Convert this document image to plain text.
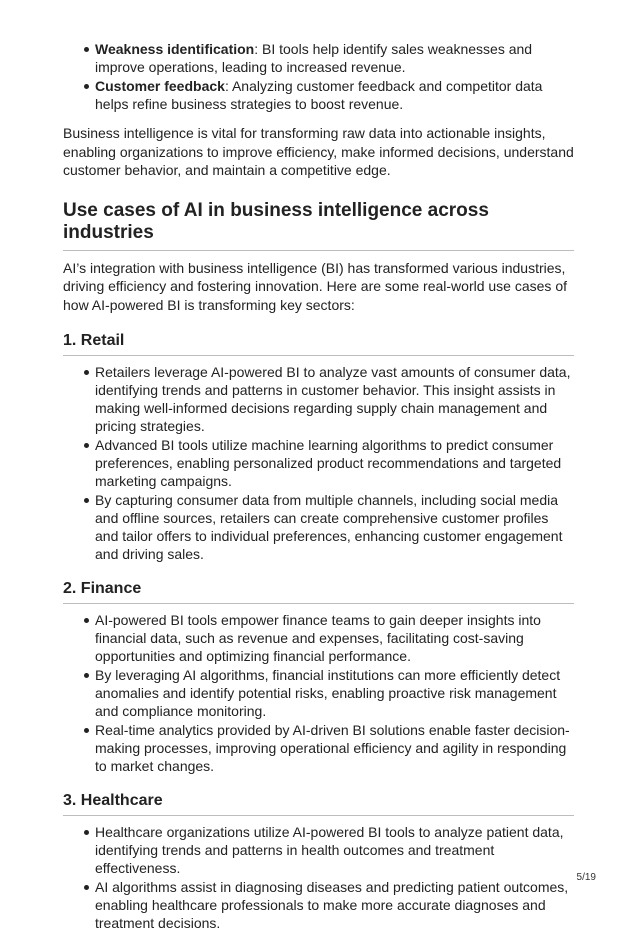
Weakness identification: BI tools help identify sales weaknesses and improve operations, leading to increased revenue.
Customer feedback: Analyzing customer feedback and competitor data helps refine business strategies to boost revenue.

Business intelligence is vital for transforming raw data into actionable insights, enabling organizations to improve efficiency, make informed decisions, understand customer behavior, and maintain a competitive edge.

Use cases of AI in business intelligence across industries

AI’s integration with business intelligence (BI) has transformed various industries, driving efficiency and fostering innovation. Here are some real-world use cases of how AI-powered BI is transforming key sectors:

1. Retail
Retailers leverage AI-powered BI to analyze vast amounts of consumer data, identifying trends and patterns in customer behavior. This insight assists in making well-informed decisions regarding supply chain management and pricing strategies.
Advanced BI tools utilize machine learning algorithms to predict consumer preferences, enabling personalized product recommendations and targeted marketing campaigns.
By capturing consumer data from multiple channels, including social media and offline sources, retailers can create comprehensive customer profiles and tailor offers to individual preferences, enhancing customer engagement and driving sales.
2. Finance
AI-powered BI tools empower finance teams to gain deeper insights into financial data, such as revenue and expenses, facilitating cost-saving opportunities and optimizing financial performance.
By leveraging AI algorithms, financial institutions can more efficiently detect anomalies and identify potential risks, enabling proactive risk management and compliance monitoring.
Real-time analytics provided by AI-driven BI solutions enable faster decision-making processes, improving operational efficiency and agility in responding to market changes.
3. Healthcare
Healthcare organizations utilize AI-powered BI tools to analyze patient data, identifying trends and patterns in health outcomes and treatment effectiveness.
AI algorithms assist in diagnosing diseases and predicting patient outcomes, enabling healthcare professionals to make more accurate diagnoses and treatment decisions.
5/19
